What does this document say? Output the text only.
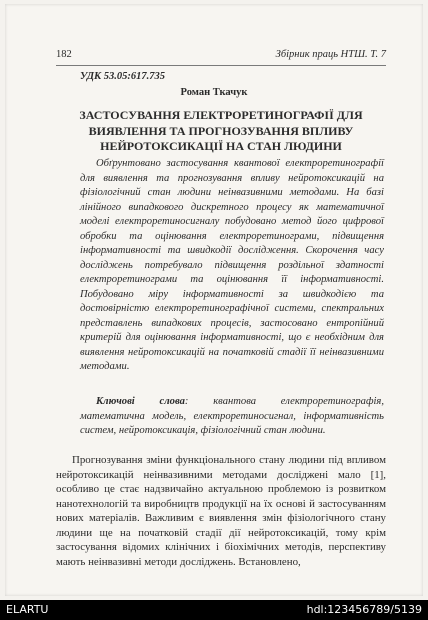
182	Збірник праць НТШ. Т. 7
УДК 53.05:617.735
Роман Ткачук
ЗАСТОСУВАННЯ ЕЛЕКТРОРЕТИНОГРАФІЇ ДЛЯ ВИЯВЛЕННЯ ТА ПРОГНОЗУВАННЯ ВПЛИВУ НЕЙРОТОКСИКАЦІЇ НА СТАН ЛЮДИНИ

Обґрунтовано застосування квантової електроретинографії для виявлення та прогнозування впливу нейротоксикацій на фізіологічний стан людини неінвазивними методами. На базі лінійного випадкового дискретного процесу як математичної моделі електроретиносигналу побудовано метод його цифрової обробки та оцінювання електроретинограми, підвищення інформативності та швидкодії дослідження. Скорочення часу досліджень потребувало підвищення роздільної здатності електроретинограми та оцінювання її інформативності. Побудовано міру інформативності за швидкодією та достовірністю електроретинографічної системи, спектральних представлень випадкових процесів, застосовано ентропійний критерій для оцінювання інформативності, що є необхідним для виявлення нейротоксикацій на початковій стадії її неінвазивними методами.

Ключові слова: квантова електроретинографія, математична модель, електроретиносигнал, інформативність систем, нейротоксикація, фізіологічний стан людини.

Прогнозування зміни функціонального стану людини під впливом нейротоксикацій неінвазивними методами досліджені мало [1], особливо це стає надзвичайно актуальною проблемою із розвитком нанотехнологій та виробництв продукції на їх основі й застосуванням нових матеріалів. Важливим є виявлення змін фізіологічного стану людини ще на початковій стадії дії нейротоксикацій, тому крім застосування відомих клінічних і біохімічних методів, перспективу мають неінвазивні методи досліджень. Встановлено,

ELARTU	hdl:123456789/5139
